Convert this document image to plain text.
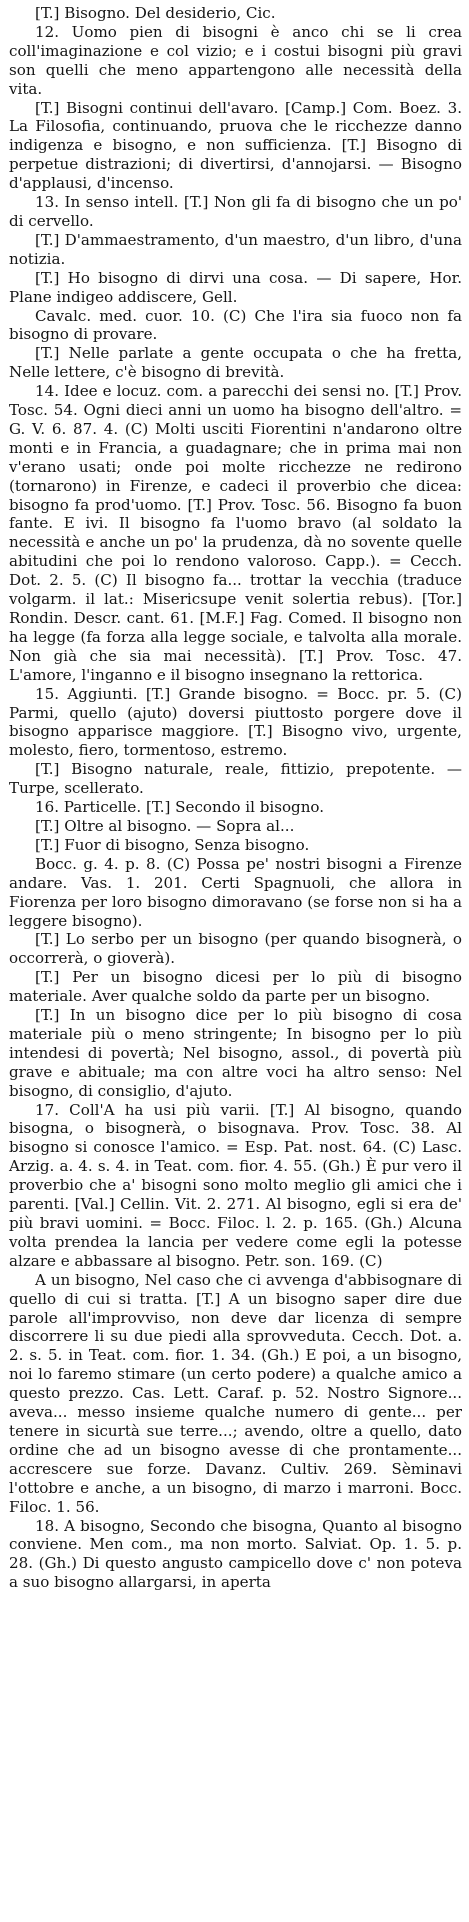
[T.] Bisogno. Del desiderio, Cic.

12. Uomo pien di bisogni è anco chi se li crea coll'imaginazione e col vizio; e i costui bisogni più gravi son quelli che meno appartengono alle necessità della vita.

[T.] Bisogni continui dell'avaro. [Camp.] Com. Boez. 3. La Filosofia, continuando, pruova che le ricchezze danno indigenza e bisogno, e non sufficienza. [T.] Bisogno di perpetue distrazioni; di divertirsi, d'annojarsi. — Bisogno d'applausi, d'incenso.

13. In senso intell. [T.] Non gli fa di bisogno che un po' di cervello.

[T.] D'ammaestramento, d'un maestro, d'un libro, d'una notizia.

[T.] Ho bisogno di dirvi una cosa. — Di sapere, Hor. Plane indigeo addiscere, Gell.

Cavalc. med. cuor. 10. (C) Che l'ira sia fuoco non fa bisogno di provare.

[T.] Nelle parlate a gente occupata o che ha fretta, Nelle lettere, c'è bisogno di brevità.

14. Idee e locuz. com. a parecchi dei sensi no. [T.] Prov. Tosc. 54. Ogni dieci anni un uomo ha bisogno dell'altro. = G. V. 6. 87. 4. (C) Molti usciti Fiorentini n'andarono oltre monti e in Francia, a guadagnare; che in prima mai non v'erano usati; onde poi molte ricchezze ne redirono (tornarono) in Firenze, e cadeci il proverbio che dicea: bisogno fa prod'uomo. [T.] Prov. Tosc. 56. Bisogno fa buon fante. E ivi. Il bisogno fa l'uomo bravo (al soldato la necessità e anche un po' la prudenza, dà no sovente quelle abitudini che poi lo rendono valoroso. Capp.). = Cecch. Dot. 2. 5. (C) Il bisogno fa... trottar la vecchia (traduce volgarm. il lat.: Misericsupe venit solertia rebus). [Tor.] Rondin. Descr. cant. 61. [M.F.] Fag. Comed. Il bisogno non ha legge (fa forza alla legge sociale, e talvolta alla morale. Non già che sia mai necessità). [T.] Prov. Tosc. 47. L'amore, l'inganno e il bisogno insegnano la rettorica.

15. Aggiunti. [T.] Grande bisogno. = Bocc. pr. 5. (C) Parmi, quello (ajuto) doversi piuttosto porgere dove il bisogno apparisce maggiore. [T.] Bisogno vivo, urgente, molesto, fiero, tormentoso, estremo.

[T.] Bisogno naturale, reale, fittizio, prepotente. — Turpe, scellerato.

16. Particelle. [T.] Secondo il bisogno.

[T.] Oltre al bisogno. — Sopra al...

[T.] Fuor di bisogno, Senza bisogno.

Bocc. g. 4. p. 8. (C) Possa pe' nostri bisogni a Firenze andare. Vas. 1. 201. Certi Spagnuoli, che allora in Fiorenza per loro bisogno dimoravano (se forse non si ha a leggere bisogno).

[T.] Lo serbo per un bisogno (per quando bisognerà, o occorrerà, o gioverà).

[T.] Per un bisogno dicesi per lo più di bisogno materiale. Aver qualche soldo da parte per un bisogno.

[T.] In un bisogno dice per lo più bisogno di cosa materiale più o meno stringente; In bisogno per lo più intendesi di povertà; Nel bisogno, assol., di povertà più grave e abituale; ma con altre voci ha altro senso: Nel bisogno, di consiglio, d'ajuto.

17. Coll'A ha usi più varii. [T.] Al bisogno, quando bisogna, o bisognerà, o bisognava. Prov. Tosc. 38. Al bisogno si conosce l'amico. = Esp. Pat. nost. 64. (C) Lasc. Arzig. a. 4. s. 4. in Teat. com. fior. 4. 55. (Gh.) È pur vero il proverbio che a' bisogni sono molto meglio gli amici che i parenti. [Val.] Cellin. Vit. 2. 271. Al bisogno, egli si era de' più bravi uomini. = Bocc. Filoc. l. 2. p. 165. (Gh.) Alcuna volta prendea la lancia per vedere come egli la potesse alzare e abbassare al bisogno. Petr. son. 169. (C)

A un bisogno, Nel caso che ci avvenga d'abbisognare di quello di cui si tratta. [T.] A un bisogno saper dire due parole all'improvviso, non deve dar licenza di sempre discorrere li su due piedi alla sprovveduta. Cecch. Dot. a. 2. s. 5. in Teat. com. fior. 1. 34. (Gh.) E poi, a un bisogno, noi lo faremo stimare (un certo podere) a qualche amico a questo prezzo. Cas. Lett. Caraf. p. 52. Nostro Signore... aveva... messo insieme qualche numero di gente... per tenere in sicurtà sue terre...; avendo, oltre a quello, dato ordine che ad un bisogno avesse di che prontamente... accrescere sue forze. Davanz. Cultiv. 269. Sèminavi l'ottobre e anche, a un bisogno, di marzo i marroni. Bocc. Filoc. 1. 56.

18. A bisogno, Secondo che bisogna, Quanto al bisogno conviene. Men com., ma non morto. Salviat. Op. 1. 5. p. 28. (Gh.) Di questo angusto campicello dove c' non poteva a suo bisogno allargarsi, in aperta
